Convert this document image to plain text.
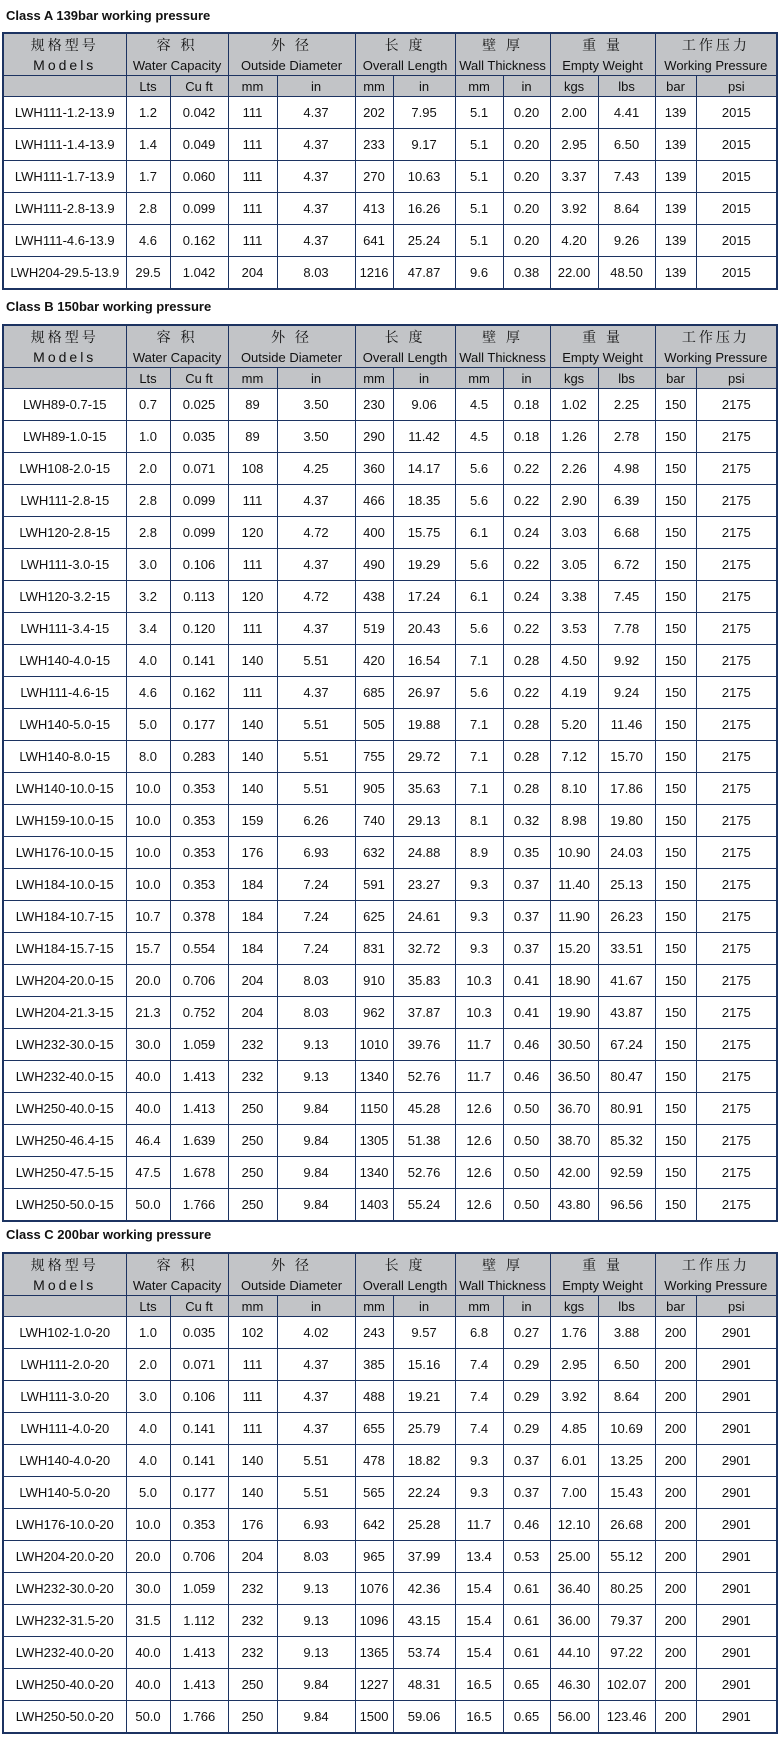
Class A 139bar working pressure
规格型号
Models	容 积		外 径		长 度		壁 厚		重 量		工作压力	
	Water Capacity		Outside Diameter		Overall Length		Wall Thickness		Empty Weight		Working Pressure	
	Lts	Cu ft	mm	in	mm	in	mm	in	kgs	lbs	bar	psi
LWH111-1.2-13.9	1.2	0.042	111	4.37	202	7.95	5.1	0.20	2.00	4.41	139	2015
LWH111-1.4-13.9	1.4	0.049	111	4.37	233	9.17	5.1	0.20	2.95	6.50	139	2015
LWH111-1.7-13.9	1.7	0.060	111	4.37	270	10.63	5.1	0.20	3.37	7.43	139	2015
LWH111-2.8-13.9	2.8	0.099	111	4.37	413	16.26	5.1	0.20	3.92	8.64	139	2015
LWH111-4.6-13.9	4.6	0.162	111	4.37	641	25.24	5.1	0.20	4.20	9.26	139	2015
LWH204-29.5-13.9	29.5	1.042	204	8.03	1216	47.87	9.6	0.38	22.00	48.50	139	2015
Class B 150bar working pressure
规格型号
Models	容 积		外 径		长 度		壁 厚		重 量		工作压力	
	Water Capacity		Outside Diameter		Overall Length		Wall Thickness		Empty Weight		Working Pressure	
	Lts	Cu ft	mm	in	mm	in	mm	in	kgs	lbs	bar	psi
LWH89-0.7-15	0.7	0.025	89	3.50	230	9.06	4.5	0.18	1.02	2.25	150	2175
LWH89-1.0-15	1.0	0.035	89	3.50	290	11.42	4.5	0.18	1.26	2.78	150	2175
LWH108-2.0-15	2.0	0.071	108	4.25	360	14.17	5.6	0.22	2.26	4.98	150	2175
LWH111-2.8-15	2.8	0.099	111	4.37	466	18.35	5.6	0.22	2.90	6.39	150	2175
LWH120-2.8-15	2.8	0.099	120	4.72	400	15.75	6.1	0.24	3.03	6.68	150	2175
LWH111-3.0-15	3.0	0.106	111	4.37	490	19.29	5.6	0.22	3.05	6.72	150	2175
LWH120-3.2-15	3.2	0.113	120	4.72	438	17.24	6.1	0.24	3.38	7.45	150	2175
LWH111-3.4-15	3.4	0.120	111	4.37	519	20.43	5.6	0.22	3.53	7.78	150	2175
LWH140-4.0-15	4.0	0.141	140	5.51	420	16.54	7.1	0.28	4.50	9.92	150	2175
LWH111-4.6-15	4.6	0.162	111	4.37	685	26.97	5.6	0.22	4.19	9.24	150	2175
LWH140-5.0-15	5.0	0.177	140	5.51	505	19.88	7.1	0.28	5.20	11.46	150	2175
LWH140-8.0-15	8.0	0.283	140	5.51	755	29.72	7.1	0.28	7.12	15.70	150	2175
LWH140-10.0-15	10.0	0.353	140	5.51	905	35.63	7.1	0.28	8.10	17.86	150	2175
LWH159-10.0-15	10.0	0.353	159	6.26	740	29.13	8.1	0.32	8.98	19.80	150	2175
LWH176-10.0-15	10.0	0.353	176	6.93	632	24.88	8.9	0.35	10.90	24.03	150	2175
LWH184-10.0-15	10.0	0.353	184	7.24	591	23.27	9.3	0.37	11.40	25.13	150	2175
LWH184-10.7-15	10.7	0.378	184	7.24	625	24.61	9.3	0.37	11.90	26.23	150	2175
LWH184-15.7-15	15.7	0.554	184	7.24	831	32.72	9.3	0.37	15.20	33.51	150	2175
LWH204-20.0-15	20.0	0.706	204	8.03	910	35.83	10.3	0.41	18.90	41.67	150	2175
LWH204-21.3-15	21.3	0.752	204	8.03	962	37.87	10.3	0.41	19.90	43.87	150	2175
LWH232-30.0-15	30.0	1.059	232	9.13	1010	39.76	11.7	0.46	30.50	67.24	150	2175
LWH232-40.0-15	40.0	1.413	232	9.13	1340	52.76	11.7	0.46	36.50	80.47	150	2175
LWH250-40.0-15	40.0	1.413	250	9.84	1150	45.28	12.6	0.50	36.70	80.91	150	2175
LWH250-46.4-15	46.4	1.639	250	9.84	1305	51.38	12.6	0.50	38.70	85.32	150	2175
LWH250-47.5-15	47.5	1.678	250	9.84	1340	52.76	12.6	0.50	42.00	92.59	150	2175
LWH250-50.0-15	50.0	1.766	250	9.84	1403	55.24	12.6	0.50	43.80	96.56	150	2175
Class C 200bar working pressure
规格型号
Models	容 积		外 径		长 度		壁 厚		重 量		工作压力	
	Water Capacity		Outside Diameter		Overall Length		Wall Thickness		Empty Weight		Working Pressure	
	Lts	Cu ft	mm	in	mm	in	mm	in	kgs	lbs	bar	psi
LWH102-1.0-20	1.0	0.035	102	4.02	243	9.57	6.8	0.27	1.76	3.88	200	2901
LWH111-2.0-20	2.0	0.071	111	4.37	385	15.16	7.4	0.29	2.95	6.50	200	2901
LWH111-3.0-20	3.0	0.106	111	4.37	488	19.21	7.4	0.29	3.92	8.64	200	2901
LWH111-4.0-20	4.0	0.141	111	4.37	655	25.79	7.4	0.29	4.85	10.69	200	2901
LWH140-4.0-20	4.0	0.141	140	5.51	478	18.82	9.3	0.37	6.01	13.25	200	2901
LWH140-5.0-20	5.0	0.177	140	5.51	565	22.24	9.3	0.37	7.00	15.43	200	2901
LWH176-10.0-20	10.0	0.353	176	6.93	642	25.28	11.7	0.46	12.10	26.68	200	2901
LWH204-20.0-20	20.0	0.706	204	8.03	965	37.99	13.4	0.53	25.00	55.12	200	2901
LWH232-30.0-20	30.0	1.059	232	9.13	1076	42.36	15.4	0.61	36.40	80.25	200	2901
LWH232-31.5-20	31.5	1.112	232	9.13	1096	43.15	15.4	0.61	36.00	79.37	200	2901
LWH232-40.0-20	40.0	1.413	232	9.13	1365	53.74	15.4	0.61	44.10	97.22	200	2901
LWH250-40.0-20	40.0	1.413	250	9.84	1227	48.31	16.5	0.65	46.30	102.07	200	2901
LWH250-50.0-20	50.0	1.766	250	9.84	1500	59.06	16.5	0.65	56.00	123.46	200	2901
